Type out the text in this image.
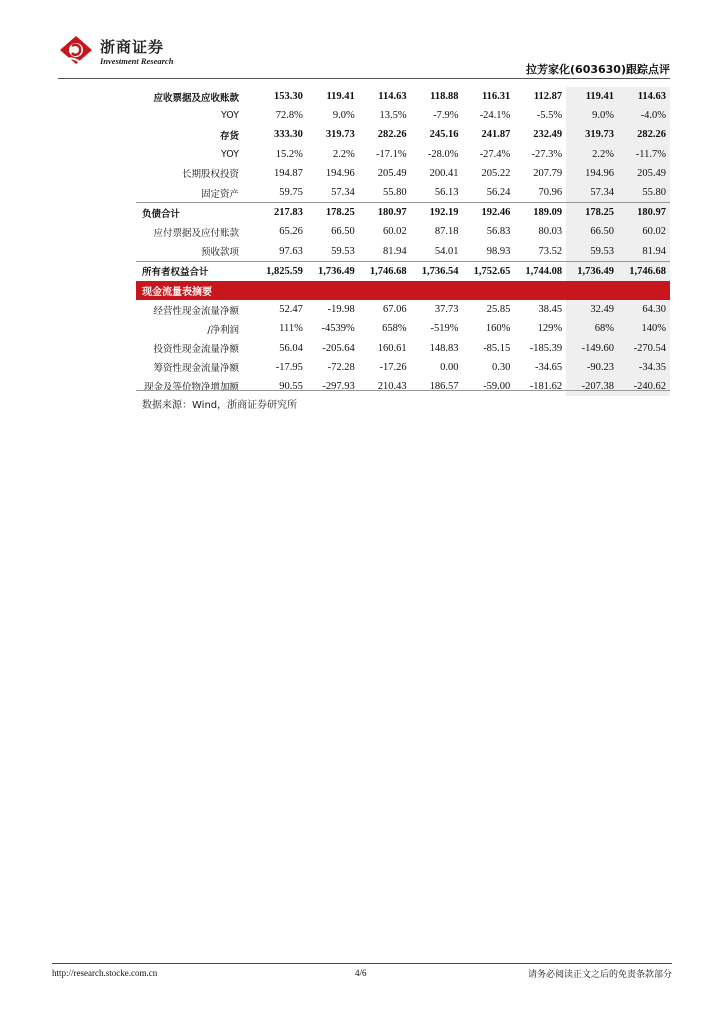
浙商证券
Investment Research
拉芳家化(603630)跟踪点评
应收票据及应收账款	153.30	119.41	114.63	118.88	116.31	112.87	119.41	114.63
YOY	72.8%	9.0%	13.5%	-7.9%	-24.1%	-5.5%	9.0%	-4.0%
存货	333.30	319.73	282.26	245.16	241.87	232.49	319.73	282.26
YOY	15.2%	2.2%	-17.1%	-28.0%	-27.4%	-27.3%	2.2%	-11.7%
长期股权投资	194.87	194.96	205.49	200.41	205.22	207.79	194.96	205.49
固定资产	59.75	57.34	55.80	56.13	56.24	70.96	57.34	55.80
负债合计	217.83	178.25	180.97	192.19	192.46	189.09	178.25	180.97
应付票据及应付账款	65.26	66.50	60.02	87.18	56.83	80.03	66.50	60.02
预收款项	97.63	59.53	81.94	54.01	98.93	73.52	59.53	81.94
所有者权益合计	1,825.59	1,736.49	1,746.68	1,736.54	1,752.65	1,744.08	1,736.49	1,746.68
现金流量表摘要								
经营性现金流量净额	52.47	-19.98	67.06	37.73	25.85	38.45	32.49	64.30
/净利润	111%	-4539%	658%	-519%	160%	129%	68%	140%
投资性现金流量净额	56.04	-205.64	160.61	148.83	-85.15	-185.39	-149.60	-270.54
筹资性现金流量净额	-17.95	-72.28	-17.26	0.00	0.30	-34.65	-90.23	-34.35
现金及等价物净增加额	90.55	-297.93	210.43	186.57	-59.00	-181.62	-207.38	-240.62
数据来源：Wind，浙商证券研究所
http://research.stocke.com.cn	4/6	请务必阅读正文之后的免责条款部分
